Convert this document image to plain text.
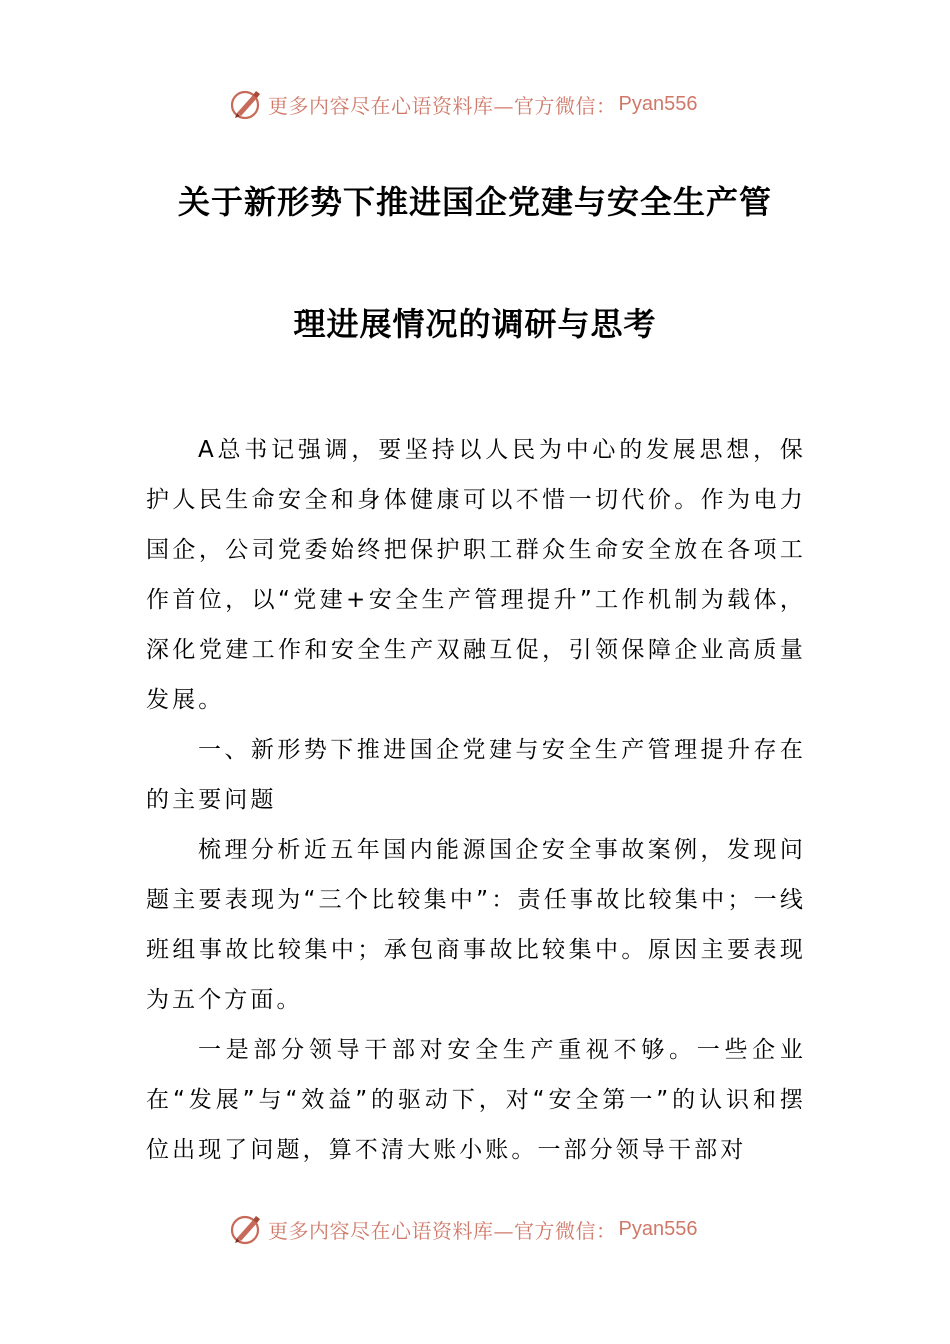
更多内容尽在心语资料库—官方微信： Pyan556
关于新形势下推进国企党建与安全生产管
理进展情况的调研与思考

A总书记强调，要坚持以人民为中心的发展思想，保护人民生命安全和身体健康可以不惜一切代价。作为电力国企，公司党委始终把保护职工群众生命安全放在各项工作首位，以“党建+安全生产管理提升”工作机制为载体，深化党建工作和安全生产双融互促，引领保障企业高质量发展。

一、新形势下推进国企党建与安全生产管理提升存在的主要问题

梳理分析近五年国内能源国企安全事故案例，发现问题主要表现为“三个比较集中”：责任事故比较集中；一线班组事故比较集中；承包商事故比较集中。原因主要表现为五个方面。

一是部分领导干部对安全生产重视不够。一些企业在“发展”与“效益”的驱动下，对“安全第一”的认识和摆位出现了问题，算不清大账小账。一部分领导干部对

更多内容尽在心语资料库—官方微信： Pyan556
